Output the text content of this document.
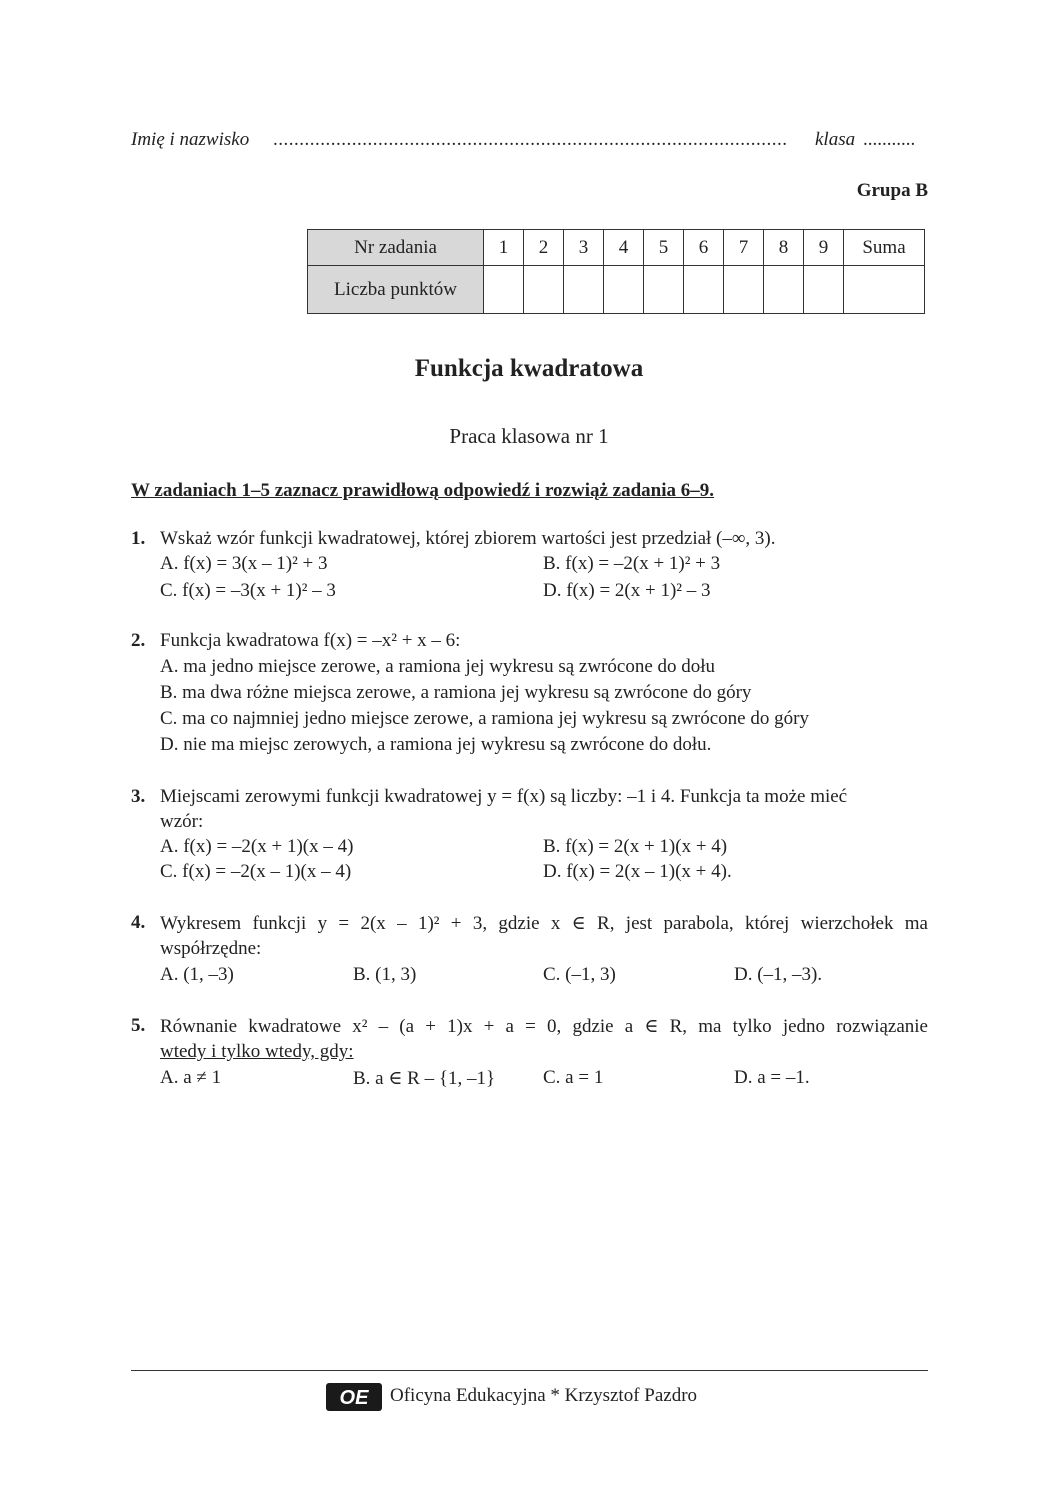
Imię i nazwisko .................................................................................................. klasa ...........
Grupa B
Nr zadania	1	2	3	4	5	6	7	8	9	Suma
Liczba punktów										
Funkcja kwadratowa
Praca klasowa nr 1
W zadaniach 1–5 zaznacz prawidłową odpowiedź i rozwiąż zadania 6–9.
1. Wskaż wzór funkcji kwadratowej, której zbiorem wartości jest przedział (–∞, 3).
A. f(x) = 3(x – 1)² + 3	B. f(x) = –2(x + 1)² + 3
C. f(x) = –3(x + 1)² – 3	D. f(x) = 2(x + 1)² – 3
2. Funkcja kwadratowa f(x) = –x² + x – 6:
A. ma jedno miejsce zerowe, a ramiona jej wykresu są zwrócone do dołu
B. ma dwa różne miejsca zerowe, a ramiona jej wykresu są zwrócone do góry
C. ma co najmniej jedno miejsce zerowe, a ramiona jej wykresu są zwrócone do góry
D. nie ma miejsc zerowych, a ramiona jej wykresu są zwrócone do dołu.
3. Miejscami zerowymi funkcji kwadratowej y = f(x) są liczby: –1 i 4. Funkcja ta może mieć
wzór:
A. f(x) = –2(x + 1)(x – 4)	B. f(x) = 2(x + 1)(x + 4)
C. f(x) = –2(x – 1)(x – 4)	D. f(x) = 2(x – 1)(x + 4).
4. Wykresem funkcji y = 2(x – 1)² + 3, gdzie x ∈ R, jest parabola, której wierzchołek ma
współrzędne:
A. (1, –3)	B. (1, 3)	C. (–1, 3)	D. (–1, –3).
5. Równanie kwadratowe x² – (a + 1)x + a = 0, gdzie a ∈ R, ma tylko jedno rozwiązanie
wtedy i tylko wtedy, gdy:
A. a ≠ 1	B. a ∈ R – {1, –1}	C. a = 1	D. a = –1.
OE Oficyna Edukacyjna * Krzysztof Pazdro
